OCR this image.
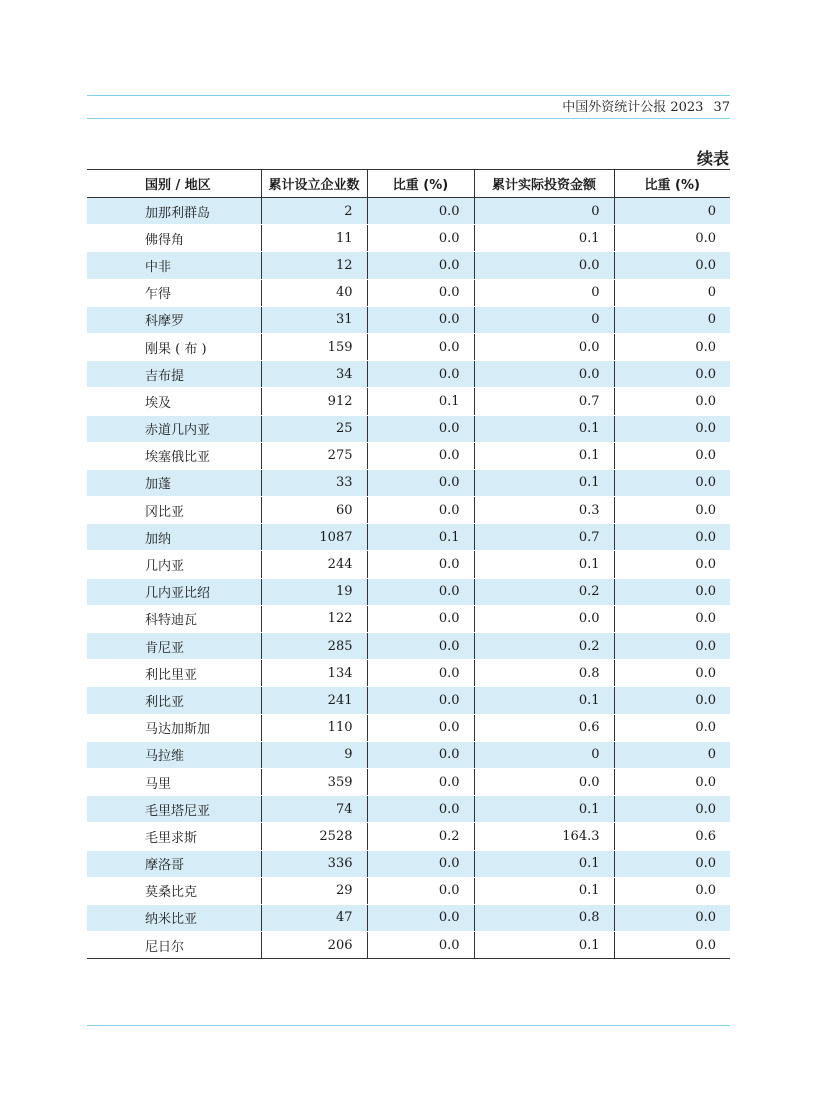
中国外资统计公报 2023 37
续表
国别 / 地区	累计设立企业数	比重 (%)	累计实际投资金额	比重 (%)
加那利群岛	2	0.0	0	0
佛得角	11	0.0	0.1	0.0
中非	12	0.0	0.0	0.0
乍得	40	0.0	0	0
科摩罗	31	0.0	0	0
刚果 ( 布 )	159	0.0	0.0	0.0
吉布提	34	0.0	0.0	0.0
埃及	912	0.1	0.7	0.0
赤道几内亚	25	0.0	0.1	0.0
埃塞俄比亚	275	0.0	0.1	0.0
加蓬	33	0.0	0.1	0.0
冈比亚	60	0.0	0.3	0.0
加纳	1087	0.1	0.7	0.0
几内亚	244	0.0	0.1	0.0
几内亚比绍	19	0.0	0.2	0.0
科特迪瓦	122	0.0	0.0	0.0
肯尼亚	285	0.0	0.2	0.0
利比里亚	134	0.0	0.8	0.0
利比亚	241	0.0	0.1	0.0
马达加斯加	110	0.0	0.6	0.0
马拉维	9	0.0	0	0
马里	359	0.0	0.0	0.0
毛里塔尼亚	74	0.0	0.1	0.0
毛里求斯	2528	0.2	164.3	0.6
摩洛哥	336	0.0	0.1	0.0
莫桑比克	29	0.0	0.1	0.0
纳米比亚	47	0.0	0.8	0.0
尼日尔	206	0.0	0.1	0.0
